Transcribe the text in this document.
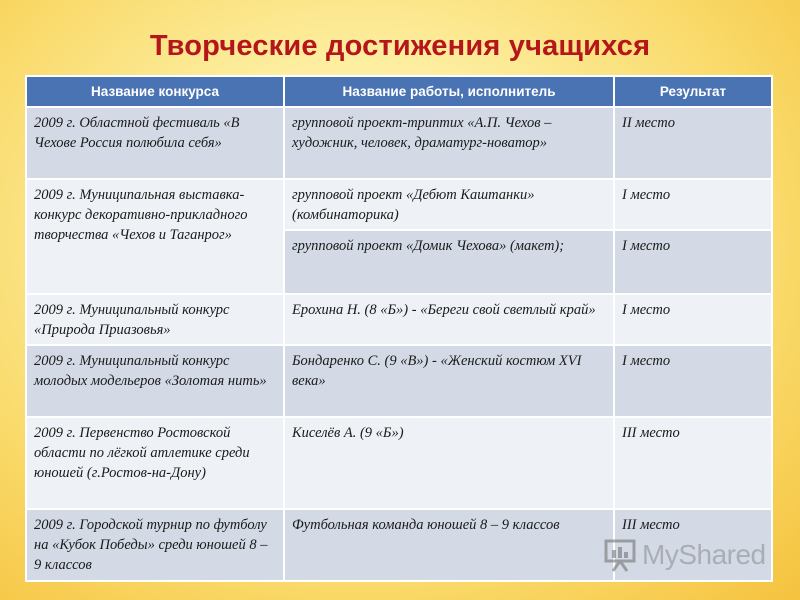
Творческие достижения учащихся
Название конкурса	Название работы, исполнитель	Результат
2009 г. Областной фестиваль «В Чехове Россия полюбила себя»	групповой проект-триптих «А.П. Чехов – художник, человек, драматург-новатор»	II место
2009 г. Муниципальная выставка-конкурс декоративно-прикладного творчества «Чехов и Таганрог»	групповой проект «Дебют Каштанки» (комбинаторика)	I место
	групповой проект «Домик Чехова» (макет);	I место
2009 г. Муниципальный конкурс «Природа Приазовья»	Ерохина Н. (8 «Б») - «Береги свой светлый край»	I место
2009 г. Муниципальный конкурс молодых модельеров «Золотая нить»	Бондаренко С. (9 «В») - «Женский костюм XVI века»	I место
2009 г. Первенство Ростовской области по лёгкой атлетике среди юношей (г.Ростов-на-Дону)	Киселёв А. (9 «Б»)	III место
2009 г. Городской турнир по футболу на «Кубок Победы» среди юношей 8 – 9 классов	Футбольная команда юношей 8 – 9 классов	III место
MyShared
